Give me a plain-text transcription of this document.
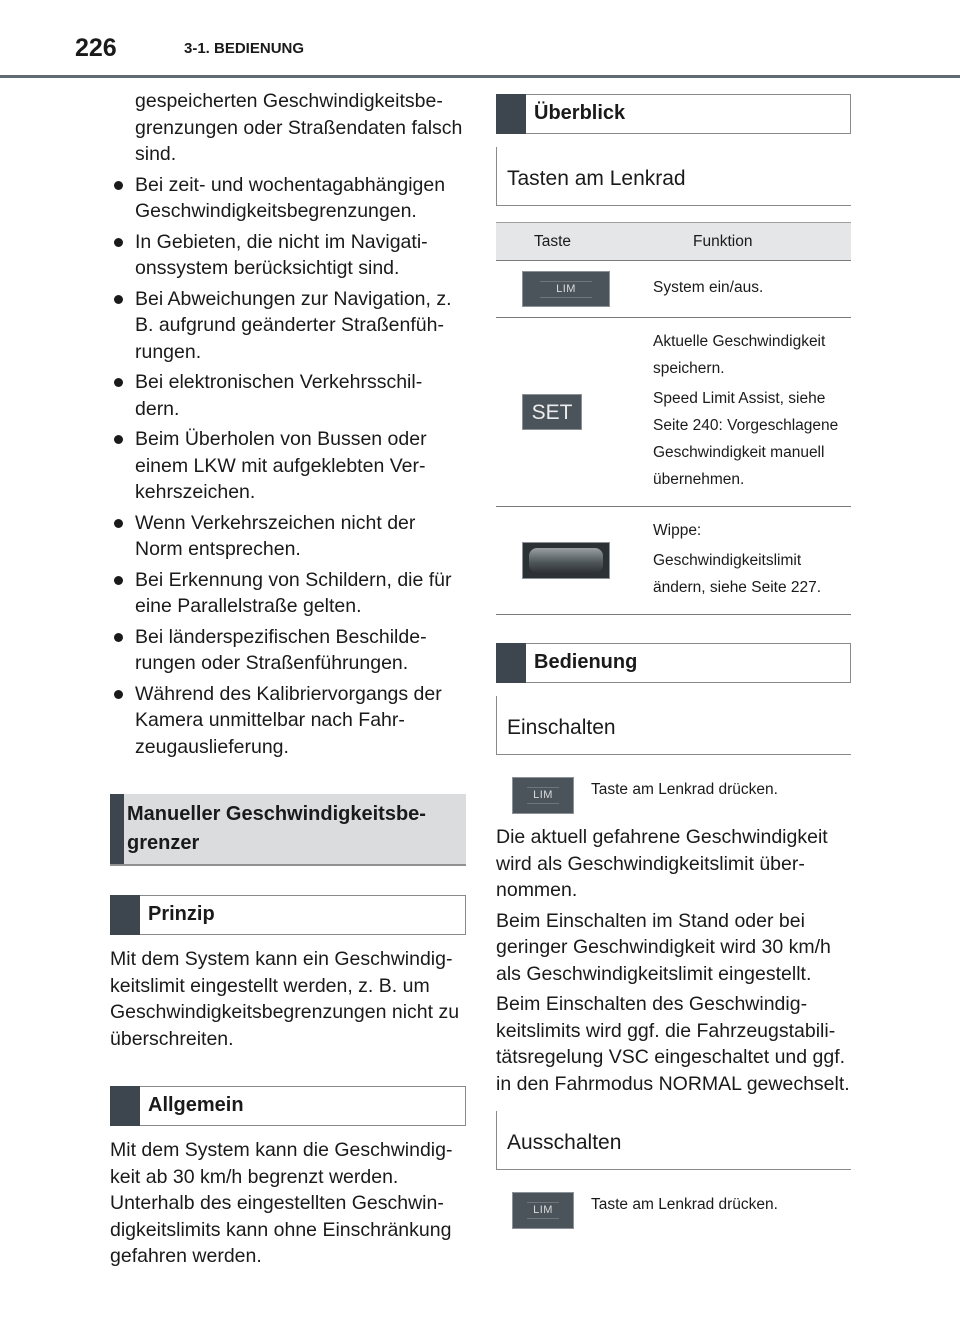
226	3-1. BEDIENUNG

gespeicherten Geschwindigkeitsbe-grenzungen oder Straßendaten falsch sind.

Bei zeit- und wochentagabhängigen Geschwindigkeitsbegrenzungen.
In Gebieten, die nicht im Navigati-onssystem berücksichtigt sind.
Bei Abweichungen zur Navigation, z. B. aufgrund geänderter Straßenfüh-rungen.
Bei elektronischen Verkehrsschil-dern.
Beim Überholen von Bussen oder einem LKW mit aufgeklebten Ver-kehrszeichen.
Wenn Verkehrszeichen nicht der Norm entsprechen.
Bei Erkennung von Schildern, die für eine Parallelstraße gelten.
Bei länderspezifischen Beschilde-rungen oder Straßenführungen.
Während des Kalibriervorgangs der Kamera unmittelbar nach Fahr-zeugauslieferung.
Manueller Geschwindigkeitsbe-
grenzer
Prinzip

Mit dem System kann ein Geschwindig-keitslimit eingestellt werden, z. B. um Geschwindigkeitsbegrenzungen nicht zu überschreiten.

Allgemein

Mit dem System kann die Geschwindig-keit ab 30 km/h begrenzt werden. Unterhalb des eingestellten Geschwin-digkeitslimits kann ohne Einschränkung gefahren werden.

Überblick
Tasten am Lenkrad
Taste	Funktion

LIM	System ein/aus.

SET	Aktuelle Geschwindigkeit speichern.

Speed Limit Assist, siehe Seite 240: Vorgeschlagene Geschwindigkeit manuell übernehmen.

	Wippe:

Geschwindigkeitslimit ändern, siehe Seite 227.

Bedienung
Einschalten
LIM	Taste am Lenkrad drücken.

Die aktuell gefahrene Geschwindigkeit wird als Geschwindigkeitslimit über-nommen.

Beim Einschalten im Stand oder bei geringer Geschwindigkeit wird 30 km/h als Geschwindigkeitslimit eingestellt.

Beim Einschalten des Geschwindig-keitslimits wird ggf. die Fahrzeugstabili-tätsregelung VSC eingeschaltet und ggf. in den Fahrmodus NORMAL gewechselt.

Ausschalten
LIM	Taste am Lenkrad drücken.
